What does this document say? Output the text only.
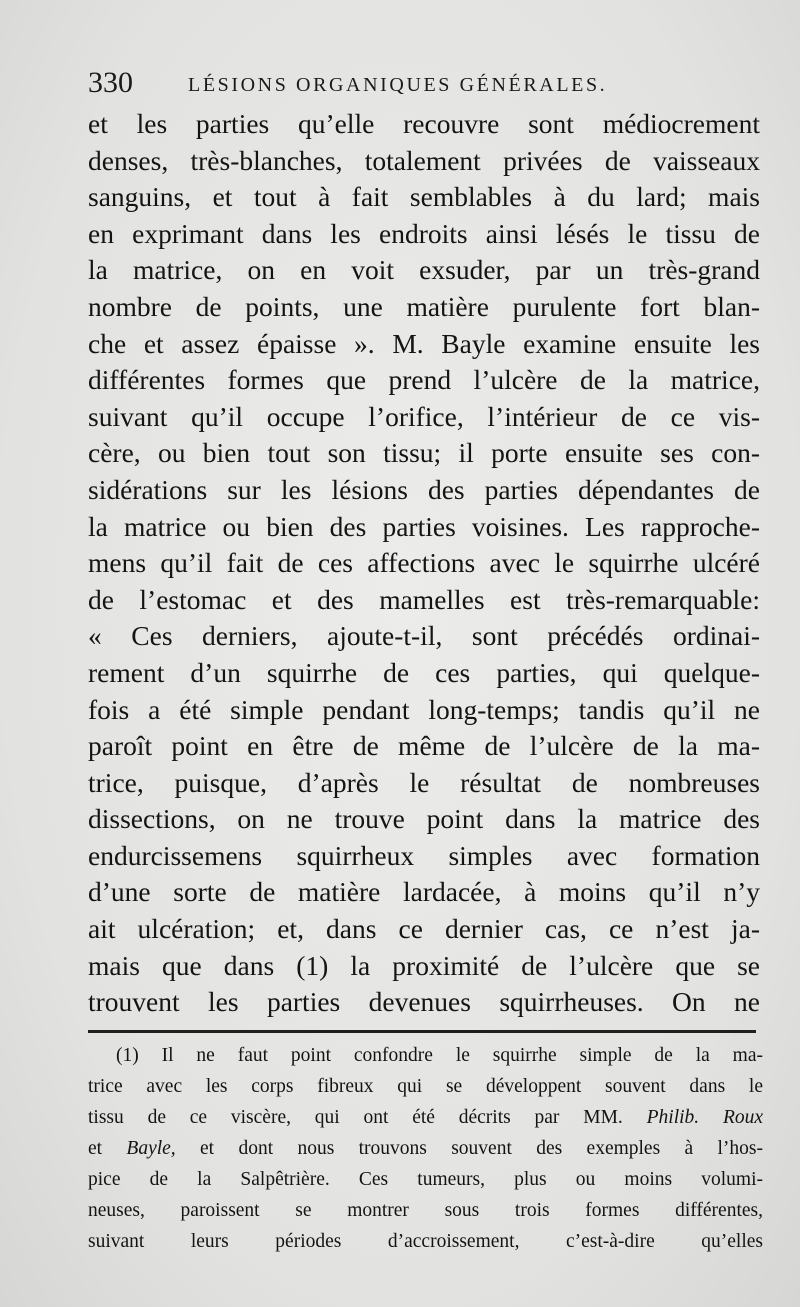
330	LÉSIONS ORGANIQUES GÉNÉRALES.
et les parties qu’elle recouvre sont médiocrement
denses, très-blanches, totalement privées de vaisseaux
sanguins, et tout à fait semblables à du lard; mais
en exprimant dans les endroits ainsi lésés le tissu de
la matrice, on en voit exsuder, par un très-grand
nombre de points, une matière purulente fort blan-
che et assez épaisse ». M. Bayle examine ensuite les
différentes formes que prend l’ulcère de la matrice,
suivant qu’il occupe l’orifice, l’intérieur de ce vis-
cère, ou bien tout son tissu; il porte ensuite ses con-
sidérations sur les lésions des parties dépendantes de
la matrice ou bien des parties voisines. Les rapproche-
mens qu’il fait de ces affections avec le squirrhe ulcéré
de l’estomac et des mamelles est très-remarquable:
« Ces derniers, ajoute-t-il, sont précédés ordinai-
rement d’un squirrhe de ces parties, qui quelque-
fois a été simple pendant long-temps; tandis qu’il ne
paroît point en être de même de l’ulcère de la ma-
trice, puisque, d’après le résultat de nombreuses
dissections, on ne trouve point dans la matrice des
endurcissemens squirrheux simples avec formation
d’une sorte de matière lardacée, à moins qu’il n’y
ait ulcération; et, dans ce dernier cas, ce n’est ja-
mais que dans (1) la proximité de l’ulcère que se
trouvent les parties devenues squirrheuses. On ne
(1) Il ne faut point confondre le squirrhe simple de la ma-
trice avec les corps fibreux qui se développent souvent dans le
tissu de ce viscère, qui ont été décrits par MM. Philib. Roux
et Bayle, et dont nous trouvons souvent des exemples à l’hos-
pice de la Salpêtrière. Ces tumeurs, plus ou moins volumi-
neuses, paroissent se montrer sous trois formes différentes,
suivant leurs périodes d’accroissement, c’est-à-dire qu’elles
